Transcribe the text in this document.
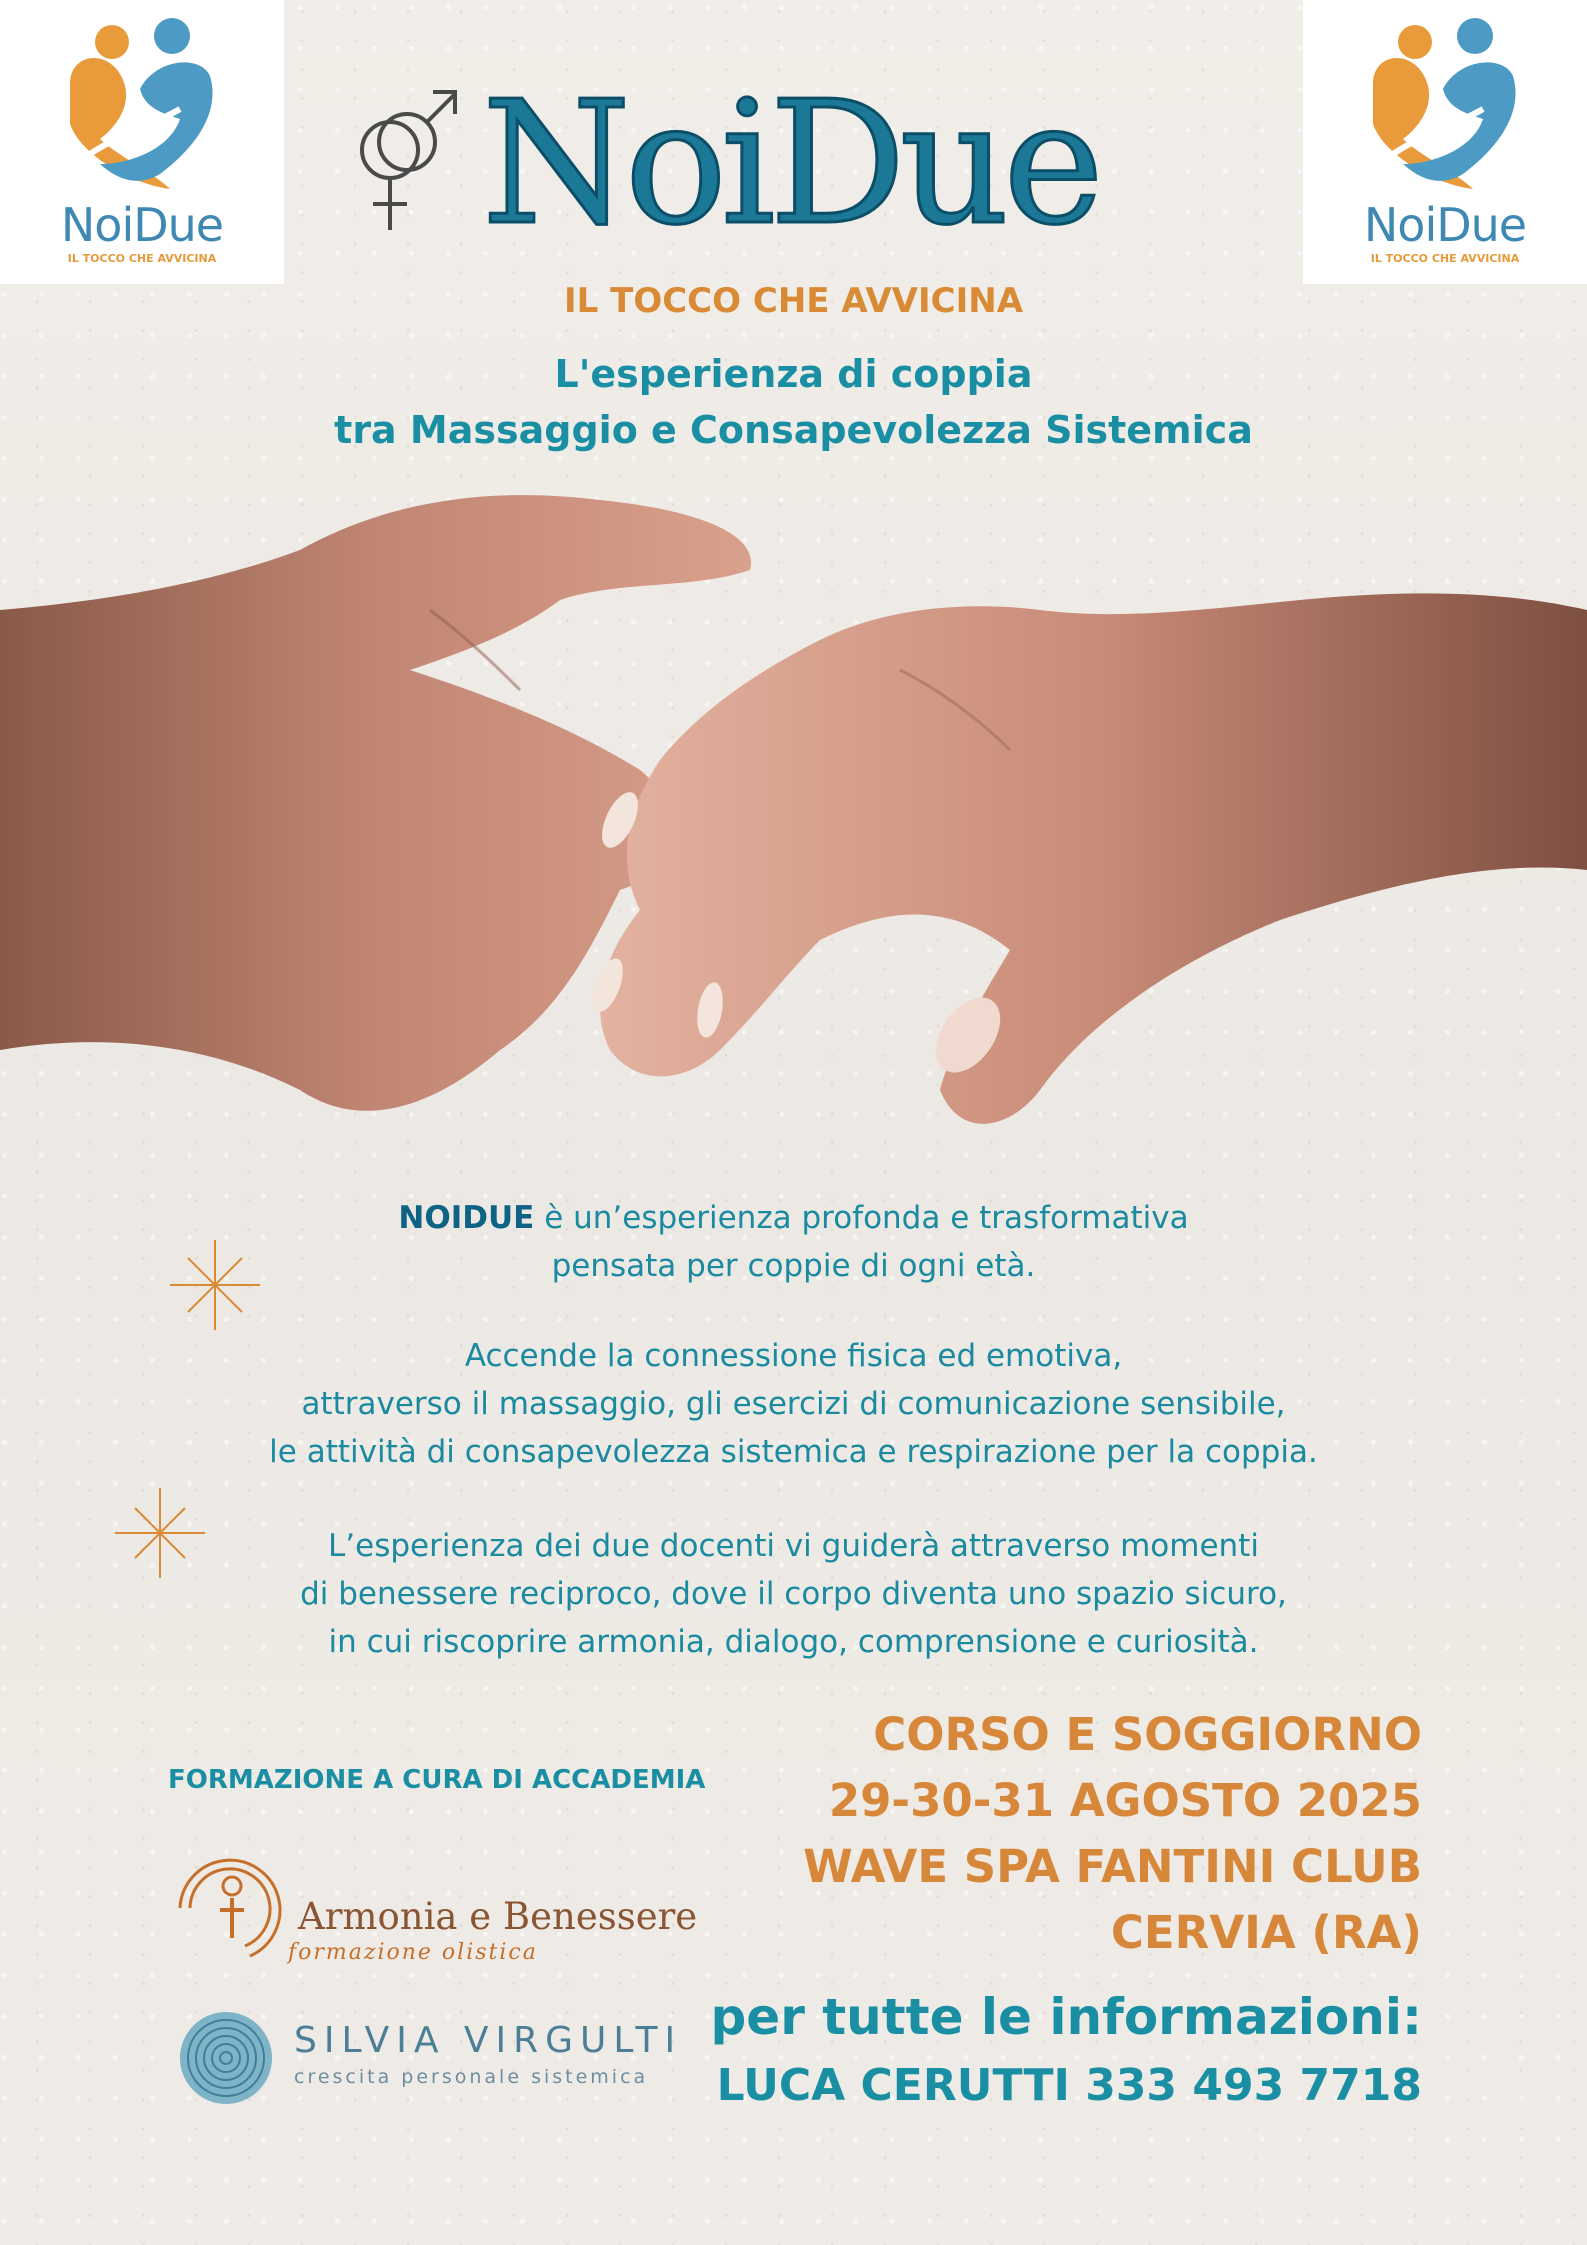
NoiDue
IL TOCCO CHE AVVICINA
NoiDue
IL TOCCO CHE AVVICINA
NoiDue
IL TOCCO CHE AVVICINA
L'esperienza di coppia
tra Massaggio e Consapevolezza Sistemica
NOIDUE è un’esperienza profonda e trasformativa
pensata per coppie di ogni età.
Accende la connessione fisica ed emotiva,
attraverso il massaggio, gli esercizi di comunicazione sensibile,
le attività di consapevolezza sistemica e respirazione per la coppia.
L’esperienza dei due docenti vi guiderà attraverso momenti
di benessere reciproco, dove il corpo diventa uno spazio sicuro,
in cui riscoprire armonia, dialogo, comprensione e curiosità.
CORSO E SOGGIORNO
29-30-31 AGOSTO 2025
WAVE SPA FANTINI CLUB
CERVIA (RA)
per tutte le informazioni:
LUCA CERUTTI 333 493 7718
FORMAZIONE A CURA DI ACCADEMIA
Armonia e Benessere
formazione olistica
SILVIA VIRGULTI
crescita personale sistemica
